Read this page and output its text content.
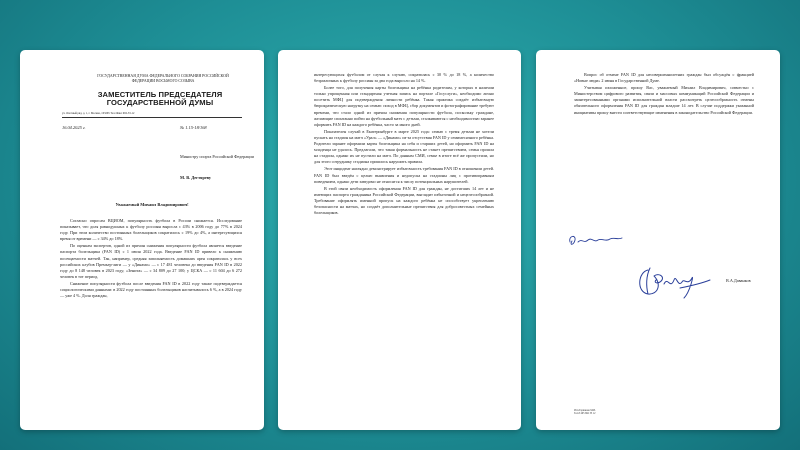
ГОСУДАРСТВЕННАЯ ДУМА ФЕДЕРАЛЬНОГО СОБРАНИЯ РОССИЙСКОЙ ФЕДЕРАЦИИ ВОСЬМОГО СОЗЫВА
ЗАМЕСТИТЕЛЬ ПРЕДСЕДАТЕЛЯ ГОСУДАРСТВЕННОЙ ДУМЫ
ул. Охотный ряд, д. 1, г. Москва, 103265 Тел./Факс 692-33-12
16.04.2025 г.	№ 1.15-18/168
Министру спорта Российской Федерации
М. В. Дегтяреву
Уважаемый Михаил Владимирович!

Согласно опросам ВЦИОМ, популярность футбола в России снижается. Исследование показывает, что доля равнодушных к футболу россиян выросла с 43% в 2006 году до 77% в 2024 году. При этом количество постоянных болельщиков сократилось с 19% до 4%, а интересующихся время от времени — с 34% до 18%.

По оценкам экспертов, одной из причин снижения популярности футбола является введение паспорта болельщика (FAN ID) с 1 июля 2022 года. Введение FAN ID привело к снижению посещаемости матчей. Так, например, средняя заполняемость домашних арен сократилась у всех российских клубов Премьер-лиги — у «Динамо» — с 17 481 человека до введения FAN ID в 2022 году до 8 148 человек в 2023 году; «Зенита» — с 34 809 до 27 100; у ЦСКА — с 11 604 до 6 272 человек в тот период.

Снижение популярности футбола после введения FAN ID в 2022 году также подтверждается социологическими данными: в 2022 году постоянных болельщиков насчитывалось 6 %, а в 2024 году — уже 4 %. Доля граждан,

интересующихся футболом от случая к случаю, сократилась с 30 % до 18 %, а количество безразличных к футболу россиян за два года выросло на 14 %.

Более того, для получения карты болельщика на ребёнка родителям, у которых в наличии только упрощенная или стандартная учетная запись на портале «Госуслуги», необходимо лично посетить МФЦ для подтверждения личности ребёнка. Такая практика создаёт избыточную бюрократическую нагрузку на семью: поход в МФЦ, сбор документов и фотографирование требуют времени, что стало одной из причин снижения популярности футбола, поскольку граждане, желающие спонтанно пойти на футбольный матч с детьми, сталкиваются с необходимостью заранее оформить FAN ID на каждого ребёнка, часто за много дней.

Показателен случай в Екатеринбурге в марте 2025 года: семью с тремя детьми не хотели пускать на стадион на матч «Урал» — «Динамо» из-за отсутствия FAN ID у семимесячного ребёнка. Родители заранее оформили карты болельщика на себя и старших детей, но оформить FAN ID на младенца не удалось. Предлагали, что такая формальность не станет препятствием, семья прошла на стадион, однако их не пустили на матч. По данным СМИ, семье в итоге всё же пропустили, но для этого сотруднику стадиона пришлось нарушить правила.

Этот инцидент наглядно демонстрирует избыточность требования FAN ID в отношении детей. FAN ID был введён с целью выявления и недопуска на стадионы лиц с противоправным поведением, однако дети заведомо не относятся к числу потенциальных нарушителей.

В этой связи необходимость оформления FAN ID для граждан, не достигших 14 лет и не имеющих паспорта гражданина Российской Федерации, выглядит избыточной и нецелесообразной. Требование оформлять именной пропуск на каждого ребёнка не способствует укреплению безопасности на матчах, но создаёт дополнительные препятствия для добросовестных семейных болельщиков.

Вопрос об отмене FAN ID для несовершеннолетних граждан был обсуждён с фракцией «Новые люди» 2 июня в Государственной Думе.

Учитывая изложенное, прошу Вас, уважаемый Михаил Владимирович, совместно с Министерством цифрового развития, связи и массовых коммуникаций Российской Федерации и заинтересованными органами исполнительной власти рассмотреть целесообразность отмены обязательного оформления FAN ID для граждан младше 14 лет. В случае поддержки указанной инициативы прошу внести соответствующие изменения в законодательство Российской Федерации.

В.А.Даванков
Исп.Горшкова М.И.
Тел.8 495 692 33 12
